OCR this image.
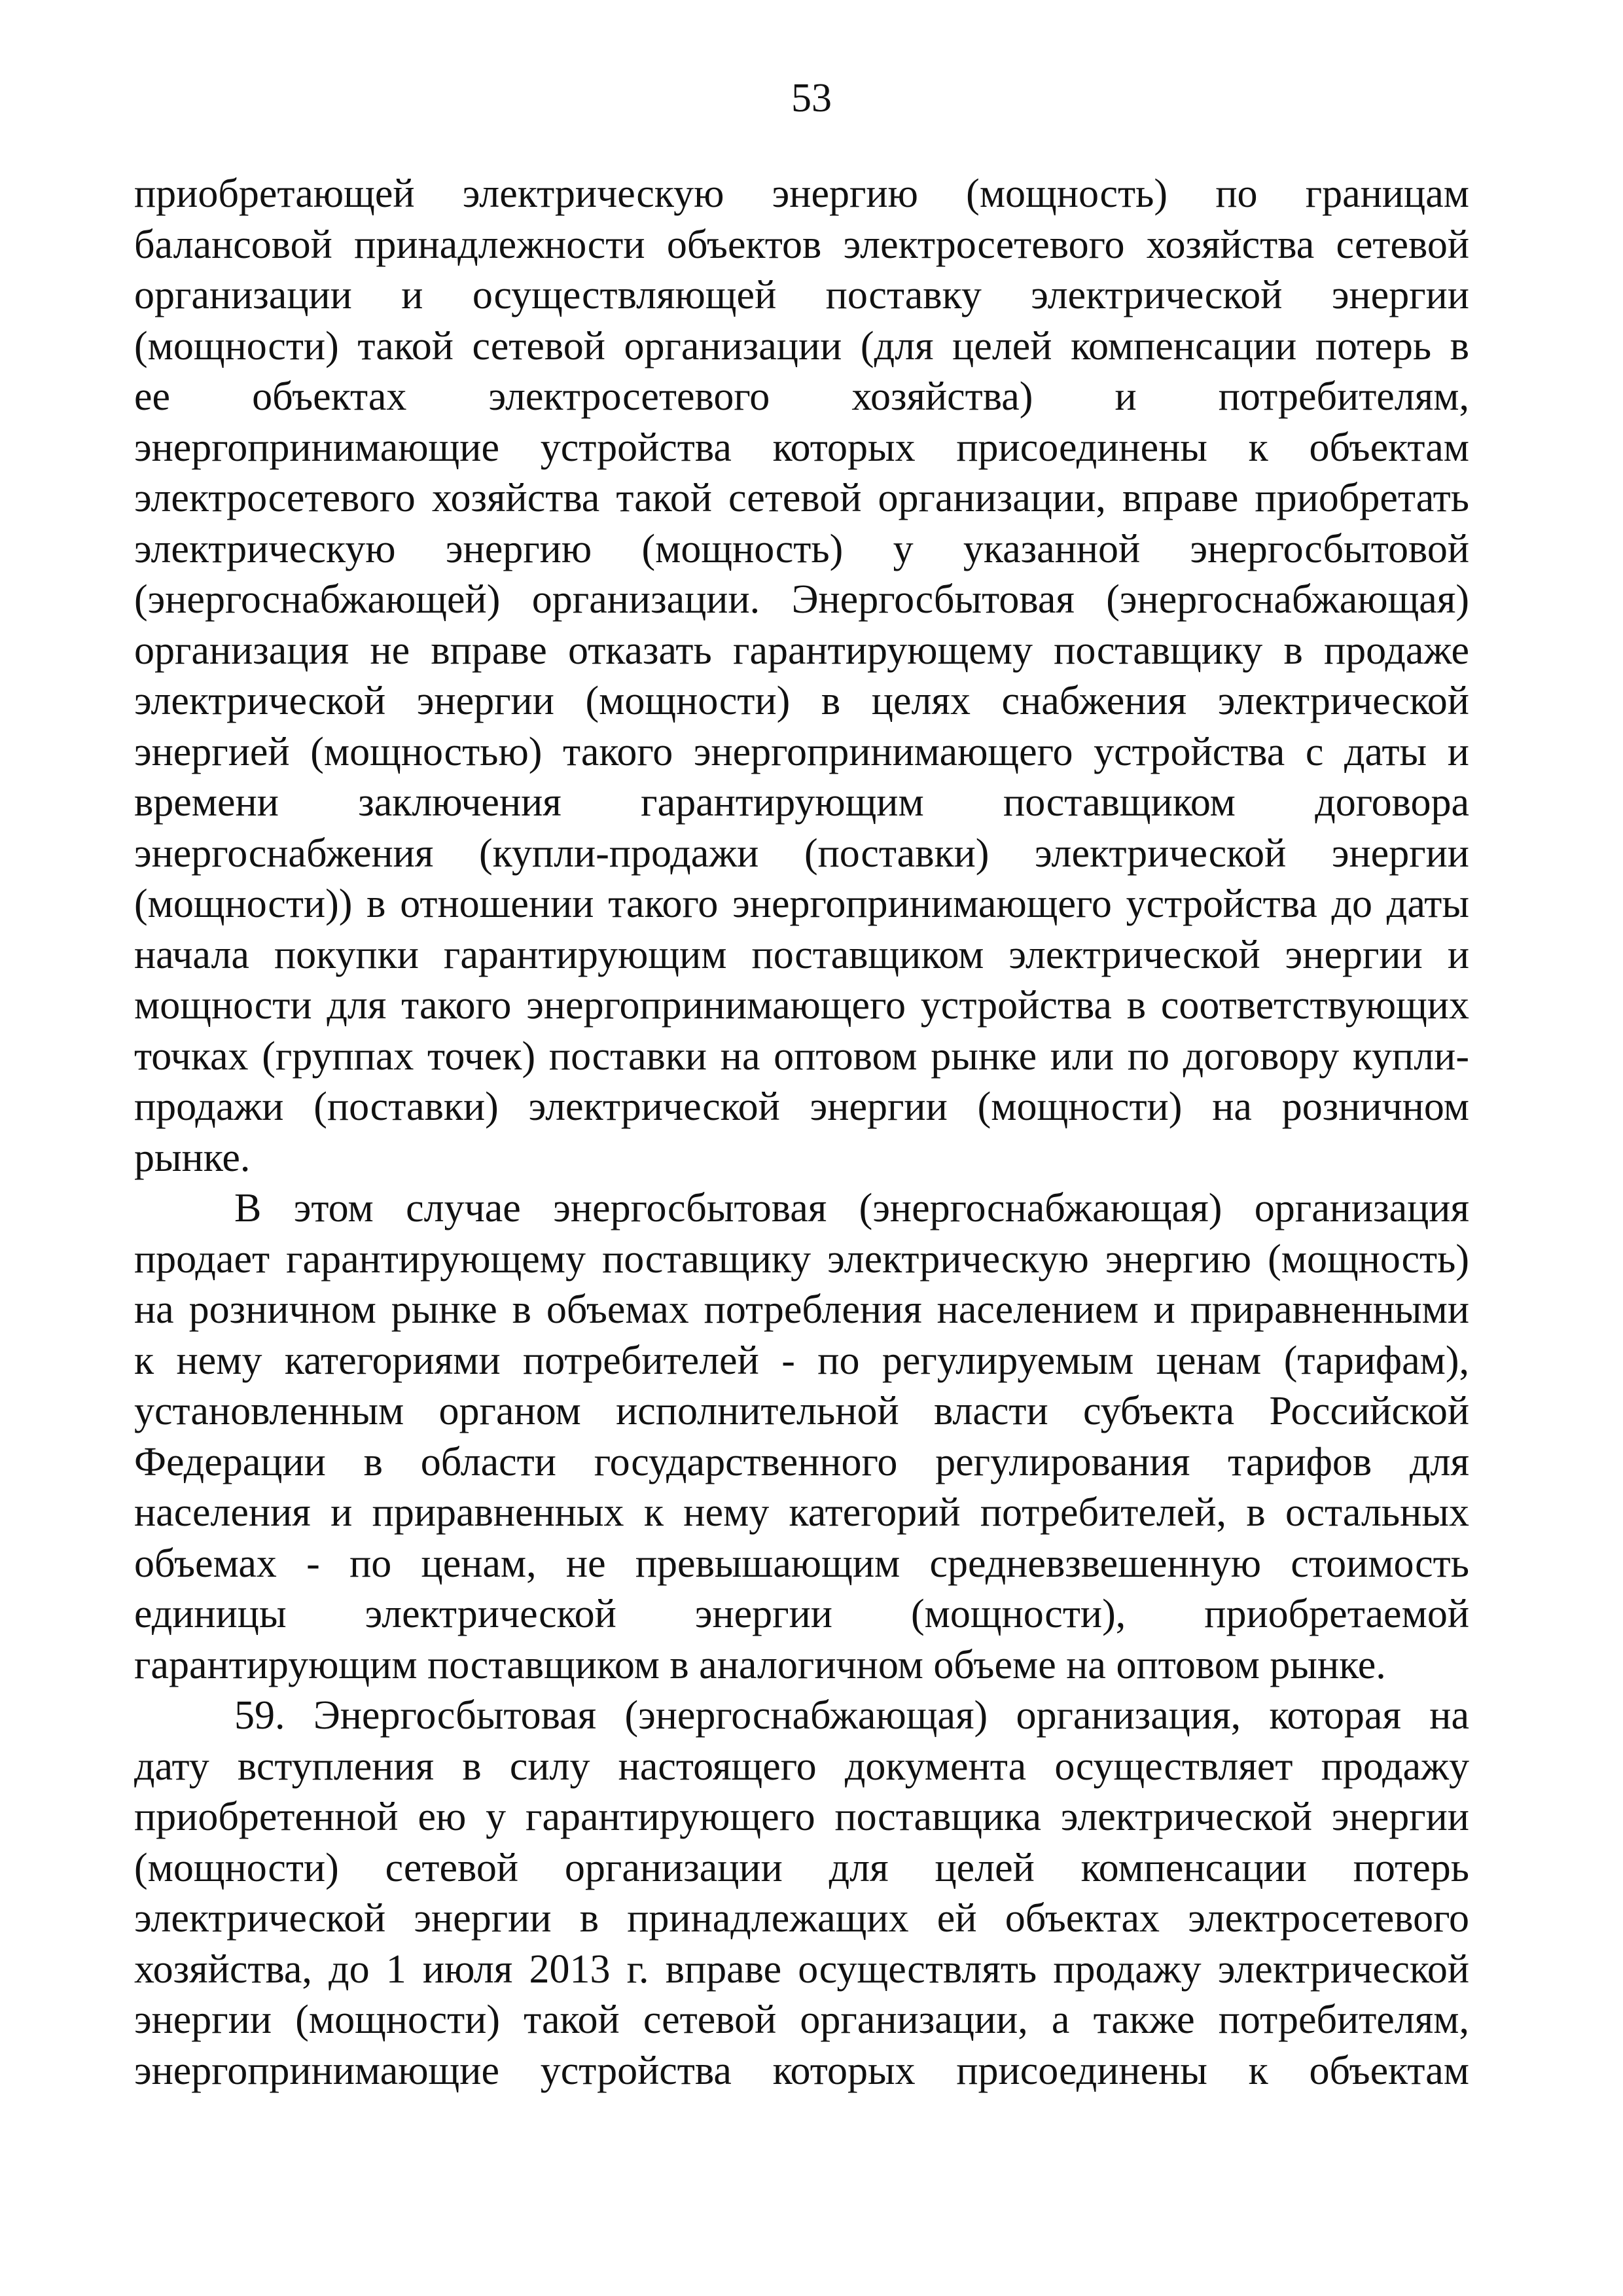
53
приобретающей электрическую энергию (мощность) по границам
балансовой принадлежности объектов электросетевого хозяйства сетевой
организации и осуществляющей поставку электрической энергии
(мощности) такой сетевой организации (для целей компенсации потерь в
ее объектах электросетевого хозяйства) и потребителям,
энергопринимающие устройства которых присоединены к объектам
электросетевого хозяйства такой сетевой организации, вправе приобретать
электрическую энергию (мощность) у указанной энергосбытовой
(энергоснабжающей) организации. Энергосбытовая (энергоснабжающая)
организация не вправе отказать гарантирующему поставщику в продаже
электрической энергии (мощности) в целях снабжения электрической
энергией (мощностью) такого энергопринимающего устройства с даты и
времени заключения гарантирующим поставщиком договора
энергоснабжения (купли-продажи (поставки) электрической энергии
(мощности)) в отношении такого энергопринимающего устройства до даты
начала покупки гарантирующим поставщиком электрической энергии и
мощности для такого энергопринимающего устройства в соответствующих
точках (группах точек) поставки на оптовом рынке или по договору купли-
продажи (поставки) электрической энергии (мощности) на розничном
рынке.
В этом случае энергосбытовая (энергоснабжающая) организация
продает гарантирующему поставщику электрическую энергию (мощность)
на розничном рынке в объемах потребления населением и приравненными
к нему категориями потребителей - по регулируемым ценам (тарифам),
установленным органом исполнительной власти субъекта Российской
Федерации в области государственного регулирования тарифов для
населения и приравненных к нему категорий потребителей, в остальных
объемах - по ценам, не превышающим средневзвешенную стоимость
единицы электрической энергии (мощности), приобретаемой
гарантирующим поставщиком в аналогичном объеме на оптовом рынке.
59. Энергосбытовая (энергоснабжающая) организация, которая на
дату вступления в силу настоящего документа осуществляет продажу
приобретенной ею у гарантирующего поставщика электрической энергии
(мощности) сетевой организации для целей компенсации потерь
электрической энергии в принадлежащих ей объектах электросетевого
хозяйства, до 1 июля 2013 г. вправе осуществлять продажу электрической
энергии (мощности) такой сетевой организации, а также потребителям,
энергопринимающие устройства которых присоединены к объектам
